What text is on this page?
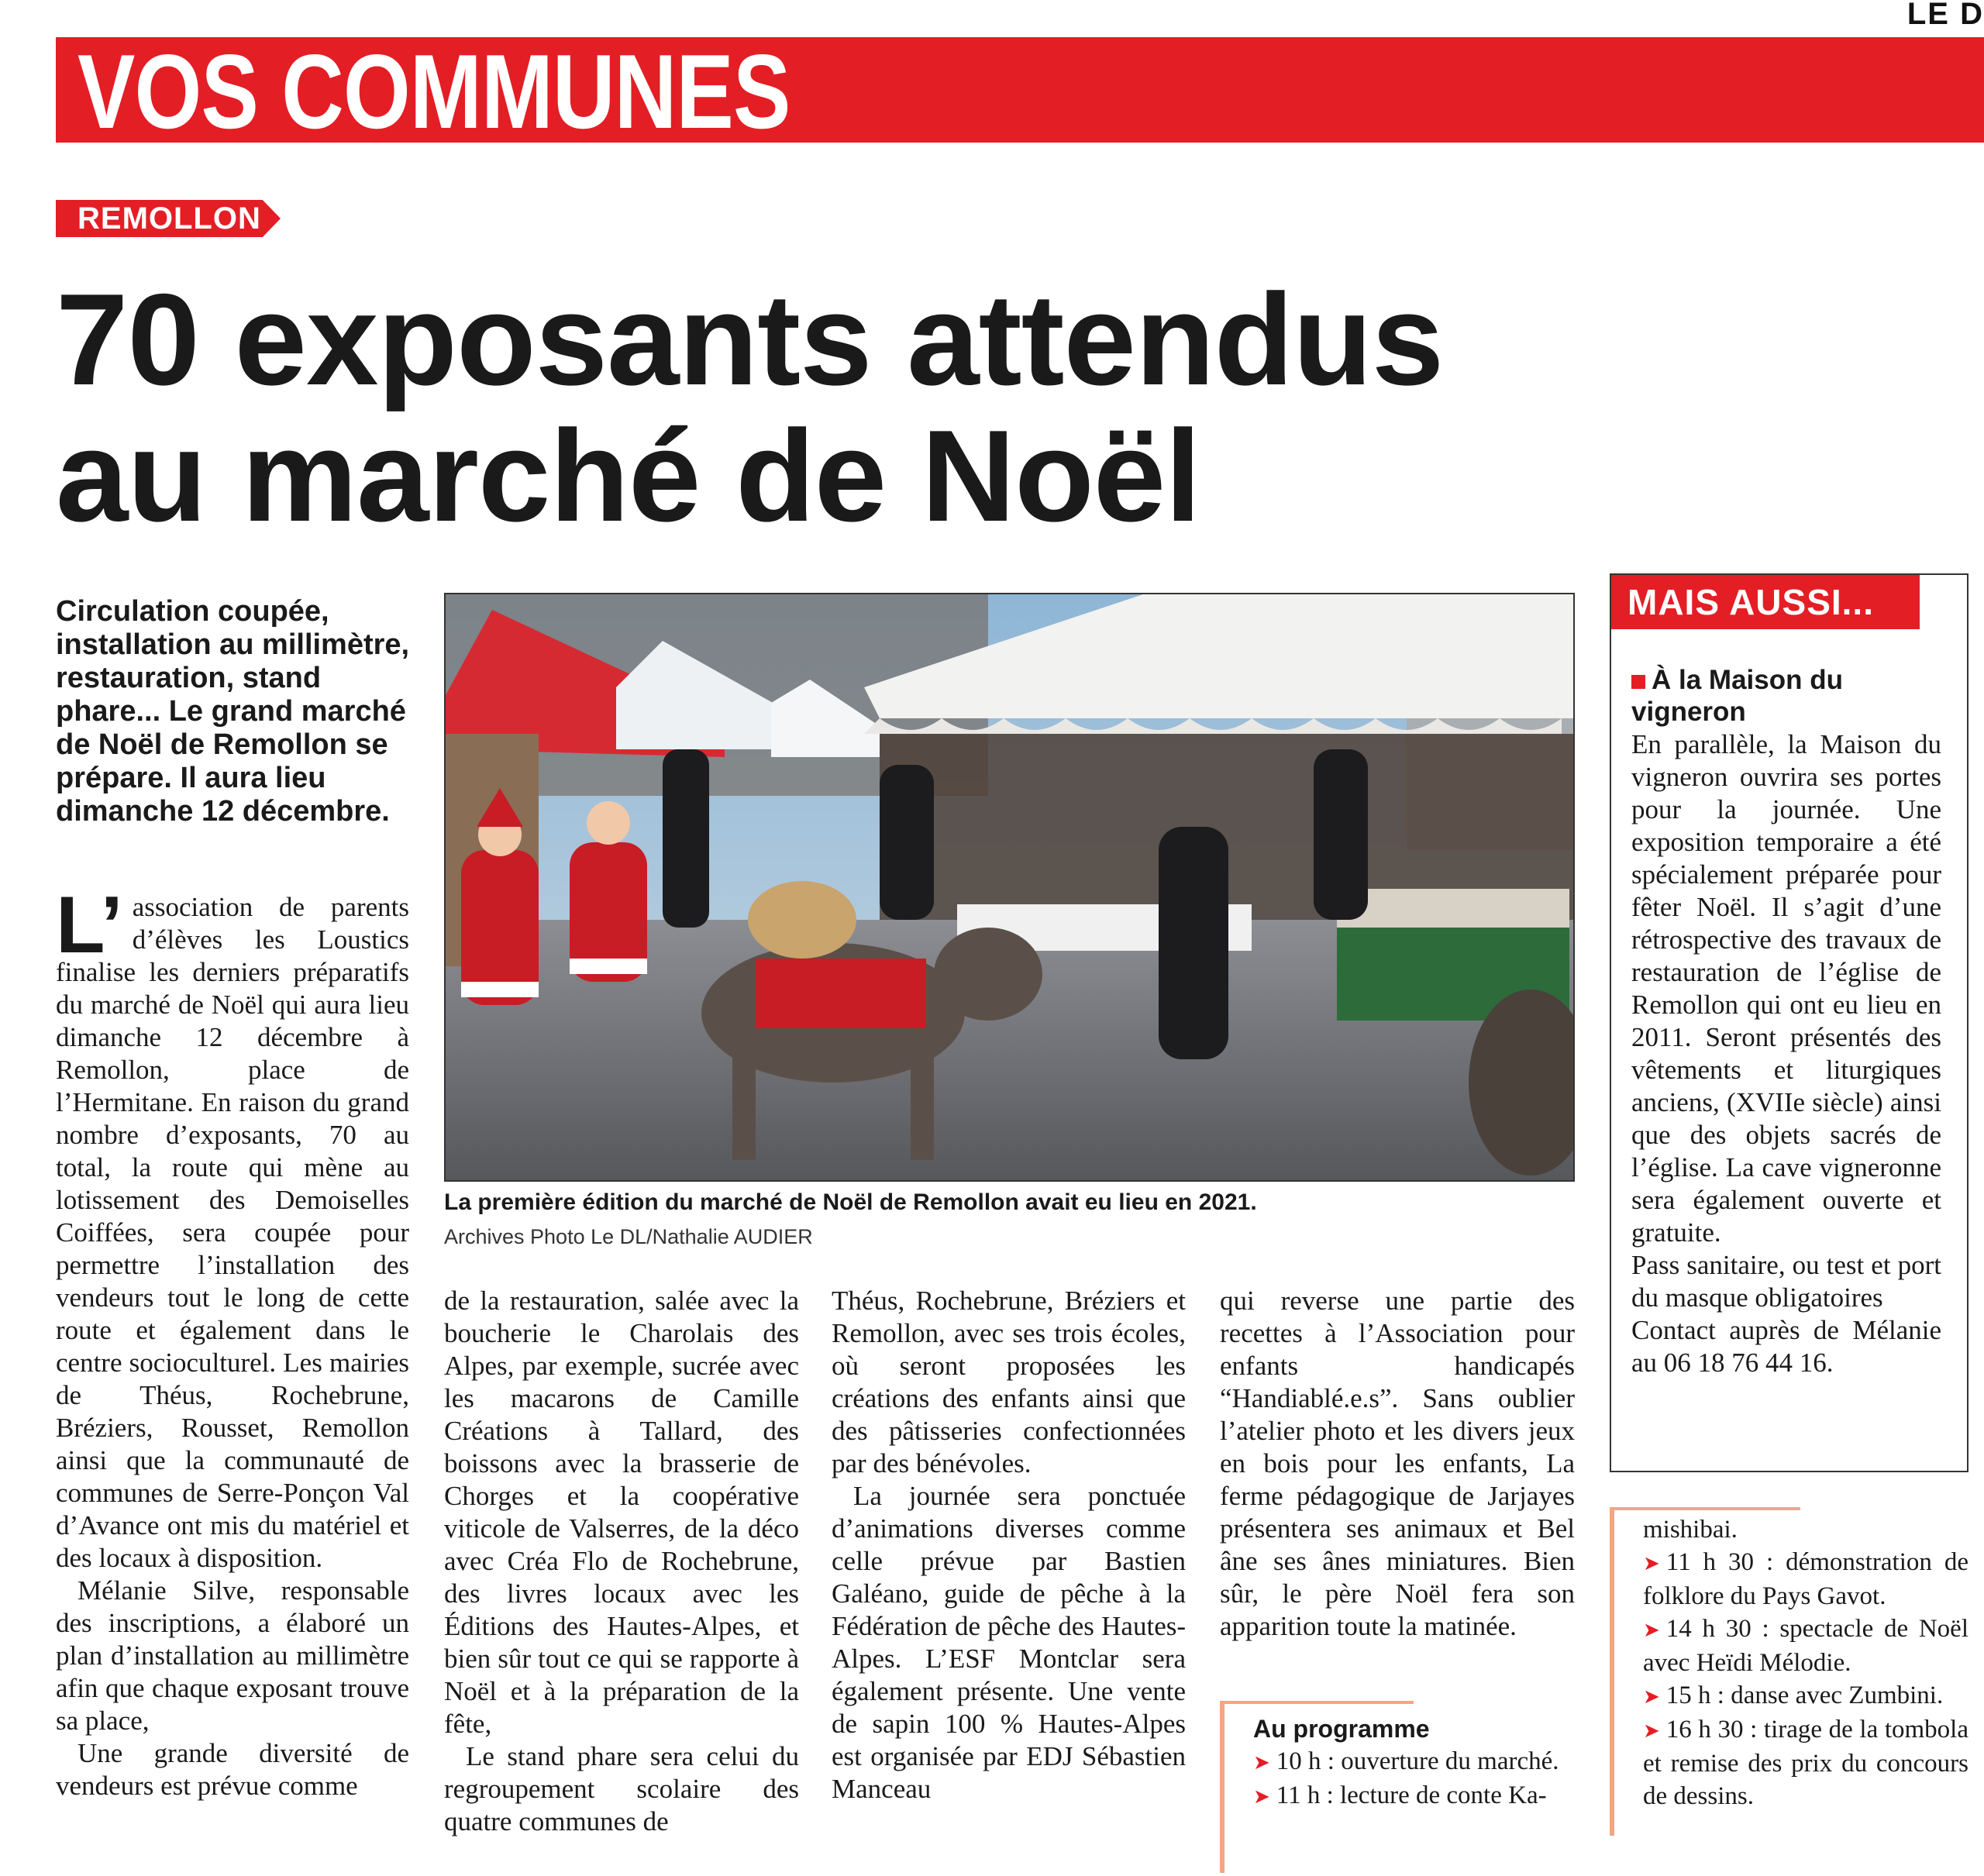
LE D
VOS COMMUNES
REMOLLON
70 exposants attendus
au marché de Noël
Circulation coupée, installation au millimètre, restauration, stand phare... Le grand marché de Noël de Remollon se prépare. Il aura lieu dimanche 12 décembre.
La première édition du marché de Noël de Remollon avait eu lieu en 2021.
Archives Photo Le DL/Nathalie AUDIER

L’ association de parents d’élèves les Loustics finalise les derniers préparatifs du marché de Noël qui aura lieu dimanche 12 décembre à Remollon, place de l’Hermitane. En raison du grand nombre d’exposants, 70 au total, la route qui mène au lotissement des Demoiselles Coiffées, sera coupée pour permettre l’installation des vendeurs tout le long de cette route et également dans le centre socioculturel. Les mairies de Théus, Rochebrune, Bréziers, Rousset, Remollon ainsi que la communauté de communes de Serre-Ponçon Val d’Avance ont mis du matériel et des locaux à disposition.

Mélanie Silve, responsable des inscriptions, a élaboré un plan d’installation au millimètre afin que chaque exposant trouve sa place,

Une grande diversité de vendeurs est prévue comme

de la restauration, salée avec la boucherie le Charolais des Alpes, par exemple, sucrée avec les macarons de Camille Créations à Tallard, des boissons avec la brasserie de Chorges et la coopérative viticole de Valserres, de la déco avec Créa Flo de Rochebrune, des livres locaux avec les Éditions des Hautes-Alpes, et bien sûr tout ce qui se rapporte à Noël et à la préparation de la fête,

Le stand phare sera celui du regroupement scolaire des quatre communes de

Théus, Rochebrune, Bréziers et Remollon, avec ses trois écoles, où seront proposées les créations des enfants ainsi que des pâtisseries confectionnées par des bénévoles.

La journée sera ponctuée d’animations diverses comme celle prévue par Bastien Galéano, guide de pêche à la Fédération de pêche des Hautes-Alpes. L’ESF Montclar sera également présente. Une vente de sapin 100 % Hautes-Alpes est organisée par EDJ Sébastien Manceau

qui reverse une partie des recettes à l’Association pour enfants handicapés “Handiablé.e.s”. Sans oublier l’atelier photo et les divers jeux en bois pour les enfants, La ferme pédagogique de Jarjayes présentera ses animaux et Bel âne ses ânes miniatures. Bien sûr, le père Noël fera son apparition toute la matinée.

Au programme

➤ 10 h : ouverture du marché.

➤ 11 h : lecture de conte Ka-

MAIS AUSSI...
À la Maison du vigneron

En parallèle, la Maison du vigneron ouvrira ses portes pour la journée. Une exposition temporaire a été spécialement préparée pour fêter Noël. Il s’agit d’une rétrospective des travaux de restauration de l’église de Remollon qui ont eu lieu en 2011. Seront présentés des vêtements et liturgiques anciens, (XVIIe siècle) ainsi que des objets sacrés de l’église. La cave vigneronne sera également ouverte et gratuite.

Pass sanitaire, ou test et port du masque obligatoires

Contact auprès de Mélanie au 06 18 76 44 16.

mishibai.

➤ 11 h 30 : démonstration de folklore du Pays Gavot.

➤ 14 h 30 : spectacle de Noël avec Heïdi Mélodie.

➤ 15 h : danse avec Zumbini.

➤ 16 h 30 : tirage de la tombola et remise des prix du concours de dessins.
